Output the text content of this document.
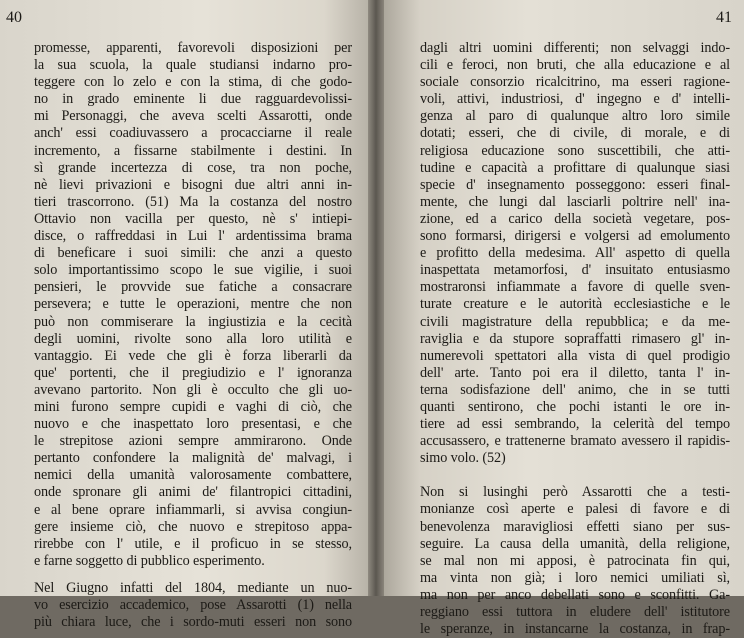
40
promesse, apparenti, favorevoli disposizioni per
la sua scuola, la quale studiansi indarno pro-
teggere con lo zelo e con la stima, di che godo-
no in grado eminente li due ragguardevolissi-
mi Personaggi, che aveva scelti Assarotti, onde
anch' essi coadiuvassero a procacciarne il reale
incremento, a fissarne stabilmente i destini. In
sì grande incertezza di cose, tra non poche,
nè lievi privazioni e bisogni due altri anni in-
tieri trascorrono. (51) Ma la costanza del nostro
Ottavio non vacilla per questo, nè s' intiepi-
disce, o raffreddasi in Lui l' ardentissima brama
di beneficare i suoi simili: che anzi a questo
solo importantissimo scopo le sue vigilie, i suoi
pensieri, le provvide sue fatiche a consacrare
persevera; e tutte le operazioni, mentre che non
può non commiserare la ingiustizia e la cecità
degli uomini, rivolte sono alla loro utilità e
vantaggio. Ei vede che gli è forza liberarli da
que' portenti, che il pregiudizio e l' ignoranza
avevano partorito. Non gli è occulto che gli uo-
mini furono sempre cupidi e vaghi di ciò, che
nuovo e che inaspettato loro presentasi, e che
le strepitose azioni sempre ammirarono. Onde
pertanto confondere la malignità de' malvagi, i
nemici della umanità valorosamente combattere,
onde spronare gli animi de' filantropici cittadini,
e al bene oprare infiammarli, si avvisa congiun-
gere insieme ciò, che nuovo e strepitoso appa-
rirebbe con l' utile, e il proficuo in se stesso,
e farne soggetto di pubblico esperimento.
Nel Giugno infatti del 1804, mediante un nuo-
vo esercizio accademico, pose Assarotti (1) nella
più chiara luce, che i sordo-muti esseri non sono
41
dagli altri uomini differenti; non selvaggi indo-
cili e feroci, non bruti, che alla educazione e al
sociale consorzio ricalcitrino, ma esseri ragione-
voli, attivi, industriosi, d' ingegno e d' intelli-
genza al paro di qualunque altro loro simile
dotati; esseri, che di civile, di morale, e di
religiosa educazione sono suscettibili, che atti-
tudine e capacità a profittare di qualunque siasi
specie d' insegnamento posseggono: esseri final-
mente, che lungi dal lasciarli poltrire nell' ina-
zione, ed a carico della società vegetare, pos-
sono formarsi, dirigersi e volgersi ad emolumento
e profitto della medesima. All' aspetto di quella
inaspettata metamorfosi, d' insuitato entusiasmo
mostraronsi infiammate a favore di quelle sven-
turate creature e le autorità ecclesiastiche e le
civili magistrature della repubblica; e da me-
raviglia e da stupore sopraffatti rimasero gl' in-
numerevoli spettatori alla vista di quel prodigio
dell' arte. Tanto poi era il diletto, tanta l' in-
terna sodisfazione dell' animo, che in se tutti
quanti sentirono, che pochi istanti le ore in-
tiere ad essi sembrando, la celerità del tempo
accusassero, e trattenerne bramato avessero il rapidis-
simo volo. (52)
Non si lusinghi però Assarotti che a testi-
monianze così aperte e palesi di favore e di
benevolenza maravigliosi effetti siano per sus-
seguire. La causa della umanità, della religione,
se mal non mi apposi, è patrocinata fin qui,
ma vinta non già; i loro nemici umiliati sì,
ma non per anco debellati sono e sconfitti. Ga-
reggiano essi tuttora in eludere dell' istitutore
le speranze, in instancarne la costanza, in frap-
